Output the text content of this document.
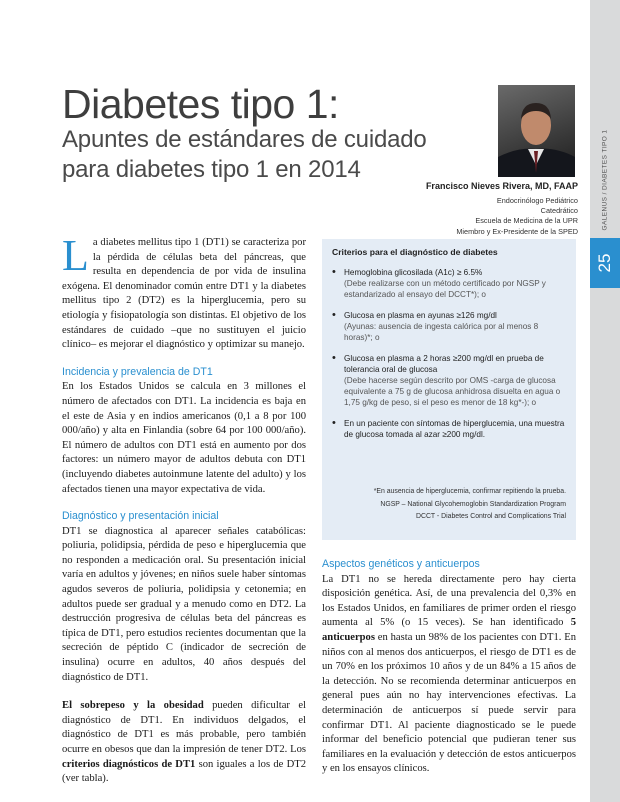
GALENUS / DIABETES TIPO 1
25
Diabetes tipo 1:
Apuntes de estándares de cuidado
para diabetes tipo 1 en 2014
Francisco Nieves Rivera, MD, FAAP
Endocrinólogo Pediátrico
Catedrático
Escuela de Medicina de la UPR
Miembro y Ex-Presidente de la SPED

La diabetes mellitus tipo 1 (DT1) se caracteriza por la pérdida de células beta del páncreas, que resulta en dependencia de por vida de insulina exógena. El denominador común entre DT1 y la diabetes mellitus tipo 2 (DT2) es la hiperglucemia, pero su etiología y fisiopatología son distintas. El objetivo de los estándares de cuidado –que no sustituyen el juicio clínico– es mejorar el diagnóstico y optimizar su manejo.

Incidencia y prevalencia de DT1

En los Estados Unidos se calcula en 3 millones el número de afectados con DT1. La incidencia es baja en el este de Asia y en indios americanos (0,1 a 8 por 100 000/año) y alta en Finlandia (sobre 64 por 100 000/año). El número de adultos con DT1 está en aumento por dos factores: un número mayor de adultos debuta con DT1 (incluyendo diabetes autoinmune latente del adulto) y los afectados tienen una mayor expectativa de vida.

Diagnóstico y presentación inicial

DT1 se diagnostica al aparecer señales catabólicas: poliuria, polidipsia, pérdida de peso e hiperglucemia que no responden a medicación oral. Su presentación inicial varía en adultos y jóvenes; en niños suele haber síntomas agudos severos de poliuria, polidipsia y cetonemia; en adultos puede ser gradual y a menudo como en DT2. La destrucción progresiva de células beta del páncreas es típica de DT1, pero estudios recientes documentan que la secreción de péptido C (indicador de secreción de insulina) ocurre en adultos, 40 años después del diagnóstico de DT1.

El sobrepeso y la obesidad pueden dificultar el diagnóstico de DT1. En individuos delgados, el diagnóstico de DT1 es más probable, pero también ocurre en obesos que dan la impresión de tener DT2. Los criterios diagnósticos de DT1 son iguales a los de DT2 (ver tabla).

Criterios para el diagnóstico de diabetes
• Hemoglobina glicosilada (A1c) ≥ 6.5%
(Debe realizarse con un método certificado por NGSP y estandarizado al ensayo del DCCT*); o
• Glucosa en plasma en ayunas ≥126 mg/dl
(Ayunas: ausencia de ingesta calórica por al menos 8 horas)*; o
• Glucosa en plasma a 2 horas ≥200 mg/dl en prueba de tolerancia oral de glucosa
(Debe hacerse según descrito por OMS -carga de glucosa equivalente a 75 g de glucosa anhidrosa disuelta en agua o 1,75 g/kg de peso, si el peso es menor de 18 kg*-); o
• En un paciente con síntomas de hiperglucemia, una muestra de glucosa tomada al azar ≥200 mg/dl.
*En ausencia de hiperglucemia, confirmar repitiendo la prueba.
NGSP – National Glycohemoglobin Standardization Program
DCCT - Diabetes Control and Complications Trial
Aspectos genéticos y anticuerpos

La DT1 no se hereda directamente pero hay cierta disposición genética. Así, de una prevalencia del 0,3% en los Estados Unidos, en familiares de primer orden el riesgo aumenta al 5% (o 15 veces). Se han identificado 5 anticuerpos en hasta un 98% de los pacientes con DT1. En niños con al menos dos anticuerpos, el riesgo de DT1 es de un 70% en los próximos 10 años y de un 84% a 15 años de la detección. No se recomienda determinar anticuerpos en general pues aún no hay intervenciones efectivas. La determinación de anticuerpos sí puede servir para confirmar DT1. Al paciente diagnosticado se le puede informar del beneficio potencial que pudieran tener sus familiares en la evaluación y detección de estos anticuerpos y en los ensayos clínicos.
